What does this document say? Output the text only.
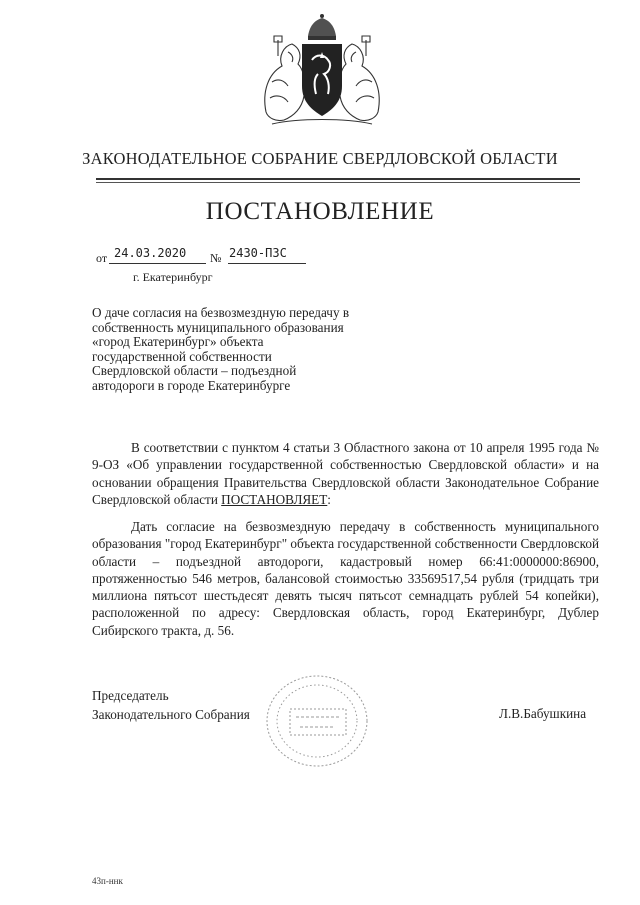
ЗАКОНОДАТЕЛЬНОЕ СОБРАНИЕ СВЕРДЛОВСКОЙ ОБЛАСТИ
ПОСТАНОВЛЕНИЕ
от 24.03.2020 № 2430-ПЗС
г. Екатеринбург
О даче согласия на безвозмездную передачу в собственность муниципального образования «город Екатеринбург» объекта государственной собственности Свердловской области – подъездной автодороги в городе Екатеринбурге

В соответствии с пунктом 4 статьи 3 Областного закона от 10 апреля 1995 года № 9-ОЗ «Об управлении государственной собственностью Свердловской области» и на основании обращения Правительства Свердловской области Законодательное Собрание Свердловской области ПОСТАНОВЛЯЕТ:

Дать согласие на безвозмездную передачу в собственность муниципального образования "город Екатеринбург" объекта государственной собственности Свердловской области – подъездной автодороги, кадастровый номер 66:41:0000000:86900, протяженностью 546 метров, балансовой стоимостью 33569517,54 рубля (тридцать три миллиона пятьсот шестьдесят девять тысяч пятьсот семнадцать рублей 54 копейки), расположенной по адресу: Свердловская область, город Екатеринбург, Дублер Сибирского тракта, д. 56.

Председатель
Законодательного Собрания	Л.В.Бабушкина
43п-ннк
